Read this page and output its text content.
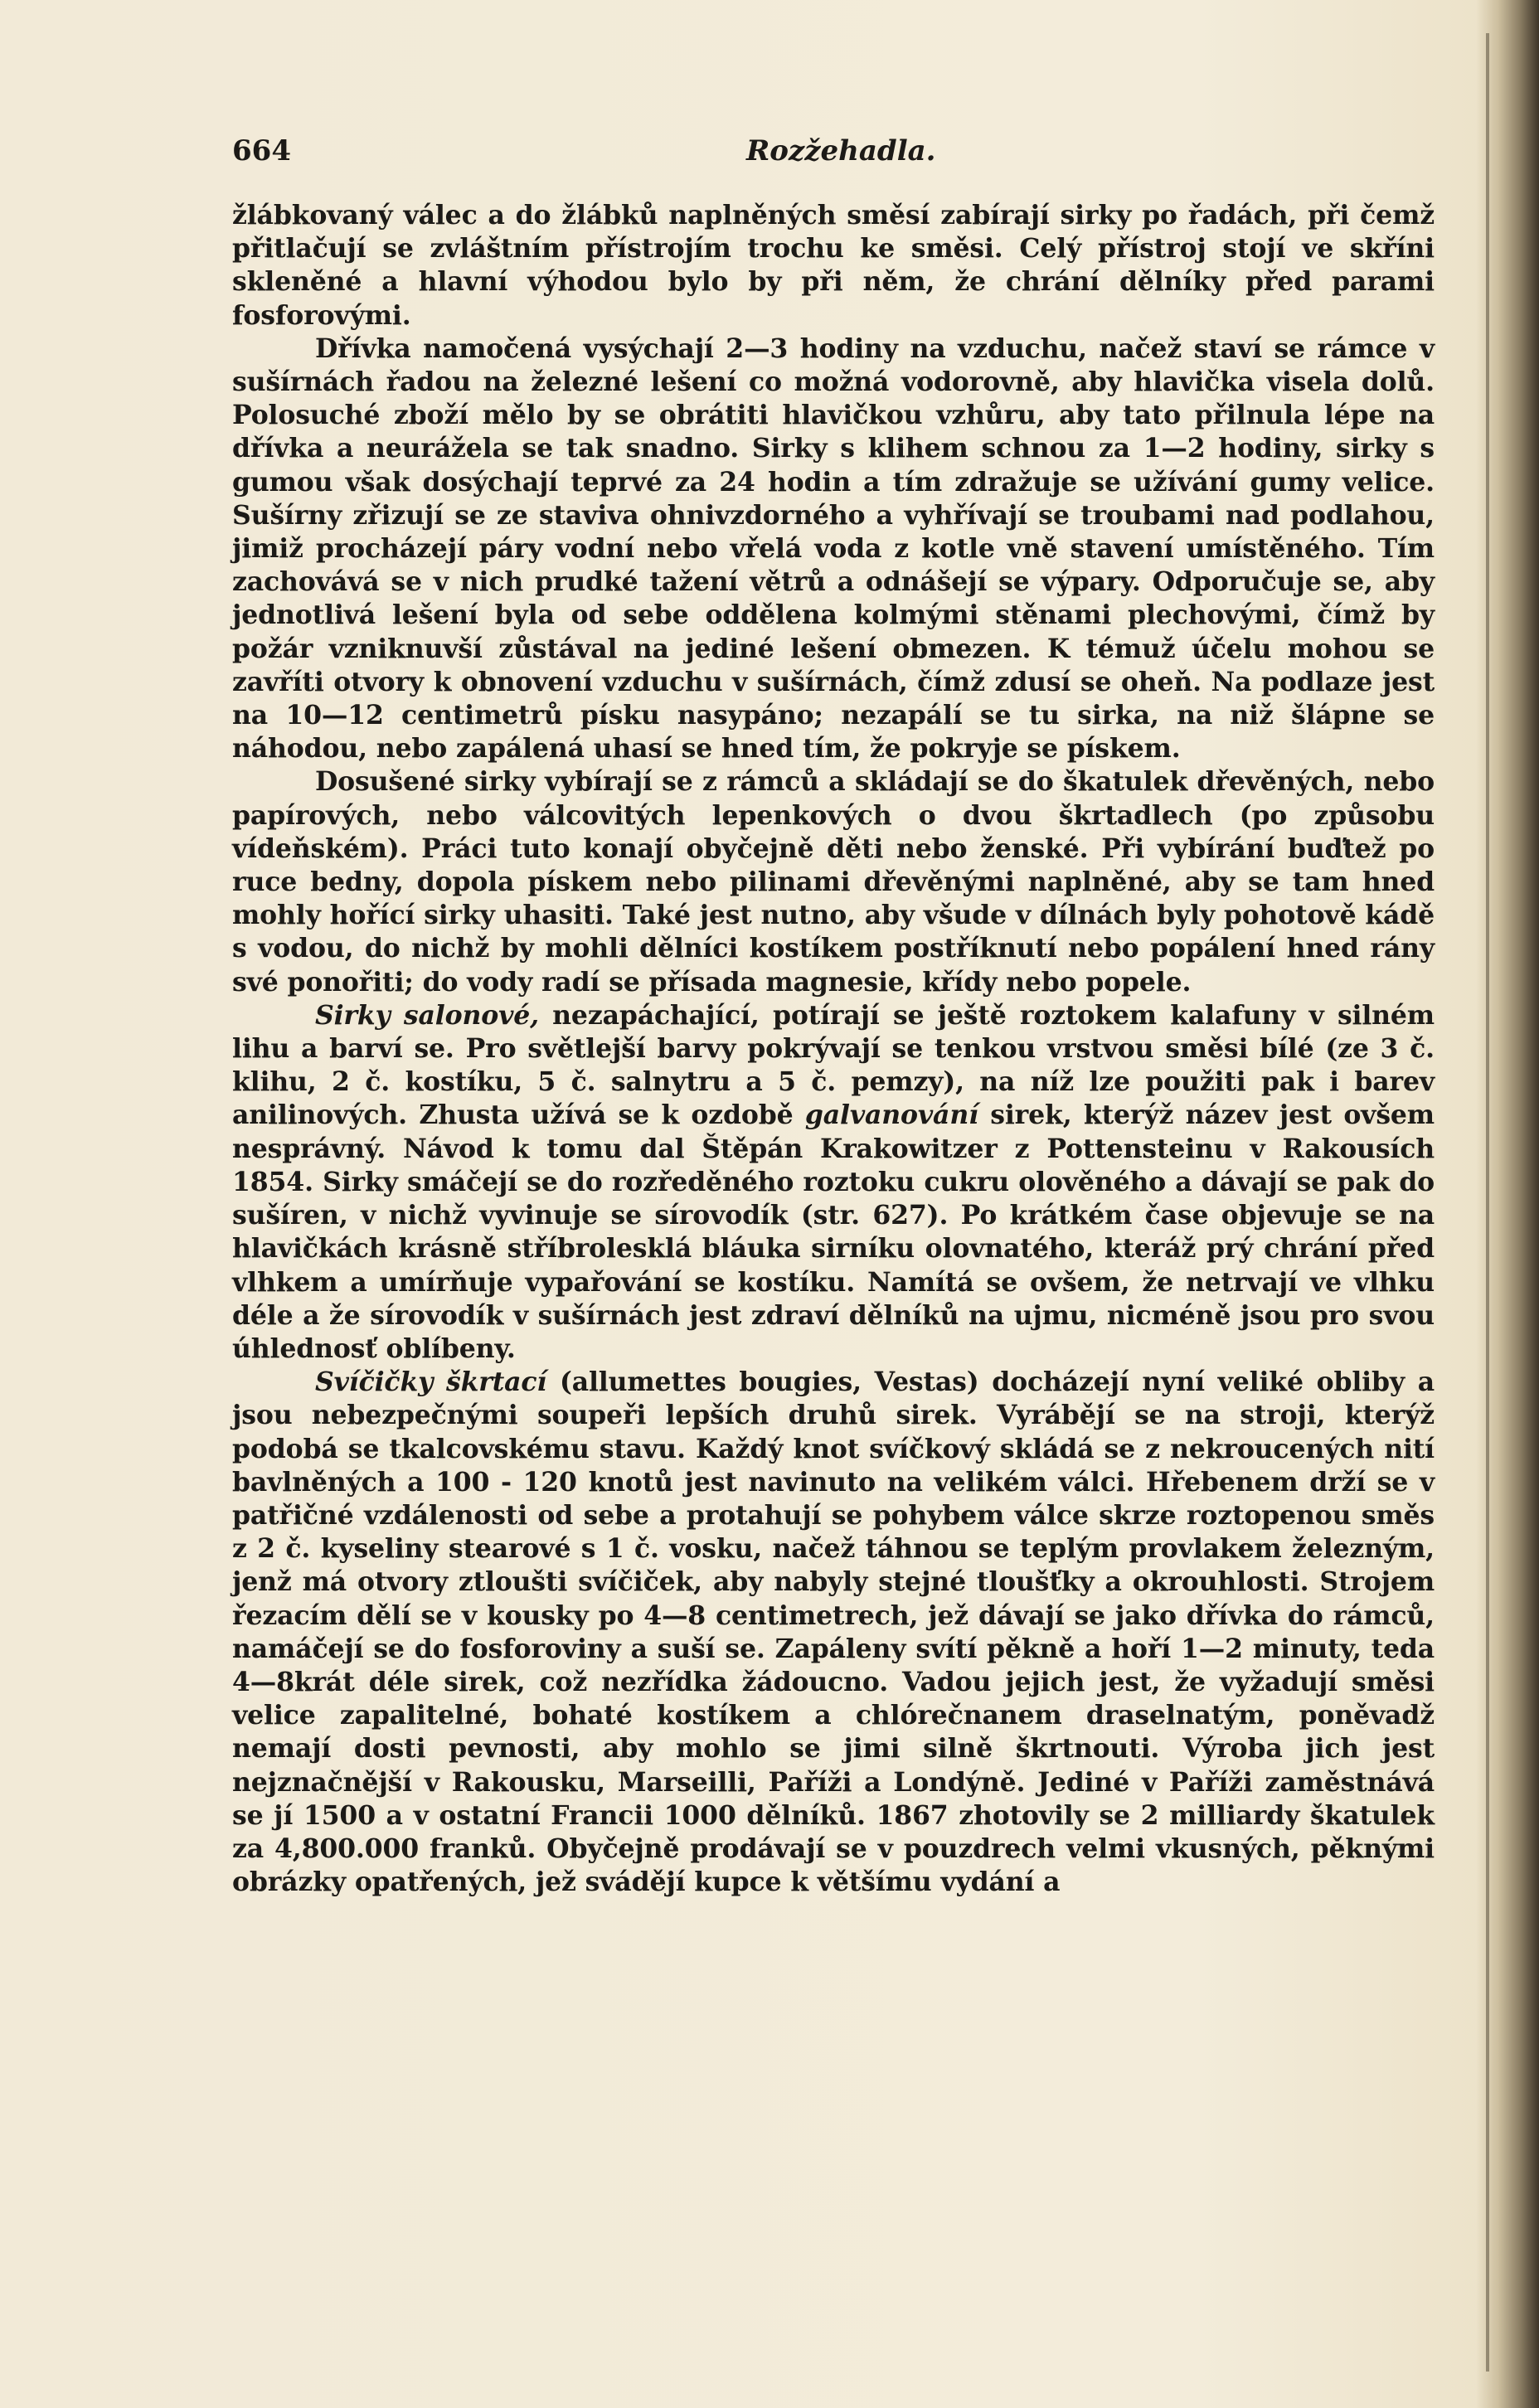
664	Rozžehadla.

žlábkovaný válec a do žlábků naplněných směsí zabírají sirky po řadách, při čemž přitlačují se zvláštním přístrojím trochu ke směsi. Celý přístroj stojí ve skříni skleněné a hlavní výhodou bylo by při něm, že chrání dělníky před parami fosforovými.

Dřívka namočená vysýchají 2—3 hodiny na vzduchu, načež staví se rámce v sušírnách řadou na železné lešení co možná vodorovně, aby hlavička visela dolů. Polosuché zboží mělo by se obrátiti hlavičkou vzhůru, aby tato přilnula lépe na dřívka a neurážela se tak snadno. Sirky s klihem schnou za 1—2 hodiny, sirky s gumou však dosýchají teprvé za 24 hodin a tím zdražuje se užívání gumy velice. Sušírny zřizují se ze staviva ohnivzdorného a vyhřívají se troubami nad podlahou, jimiž procházejí páry vodní nebo vřelá voda z kotle vně stavení umístěného. Tím zachovává se v nich prudké tažení větrů a odnášejí se výpary. Odporučuje se, aby jednotlivá lešení byla od sebe oddělena kolmými stěnami plechovými, čímž by požár vzniknuvší zůstával na jediné lešení obmezen. K témuž účelu mohou se zavříti otvory k obnovení vzduchu v sušírnách, čímž zdusí se oheň. Na podlaze jest na 10—12 centimetrů písku nasypáno; nezapálí se tu sirka, na niž šlápne se náhodou, nebo zapálená uhasí se hned tím, že pokryje se pískem.

Dosušené sirky vybírají se z rámců a skládají se do škatulek dřevěných, nebo papírových, nebo válcovitých lepenkových o dvou škrtadlech (po způsobu vídeňském). Práci tuto konají obyčejně děti nebo ženské. Při vybírání buďtež po ruce bedny, dopola pískem nebo pilinami dřevěnými naplněné, aby se tam hned mohly hořící sirky uhasiti. Také jest nutno, aby všude v dílnách byly pohotově kádě s vodou, do nichž by mohli dělníci kostíkem postříknutí nebo popálení hned rány své ponořiti; do vody radí se přísada magnesie, křídy nebo popele.

Sirky salonové, nezapáchající, potírají se ještě roztokem kalafuny v silném lihu a barví se. Pro světlejší barvy pokrývají se tenkou vrstvou směsi bílé (ze 3 č. klihu, 2 č. kostíku, 5 č. salnytru a 5 č. pemzy), na níž lze použiti pak i barev anilinových. Zhusta užívá se k ozdobě galvanování sirek, kterýž název jest ovšem nesprávný. Návod k tomu dal Štěpán Krakowitzer z Pottensteinu v Rakousích 1854. Sirky smáčejí se do rozředěného roztoku cukru olověného a dávají se pak do sušíren, v nichž vyvinuje se sírovodík (str. 627). Po krátkém čase objevuje se na hlavičkách krásně stříbrolesklá bláuka sirníku olovnatého, kteráž prý chrání před vlhkem a umírňuje vypařování se kostíku. Namítá se ovšem, že netrvají ve vlhku déle a že sírovodík v sušírnách jest zdraví dělníků na ujmu, nicméně jsou pro svou úhlednosť oblíbeny.

Svíčičky škrtací (allumettes bougies, Vestas) docházejí nyní veliké obliby a jsou nebezpečnými soupeři lepších druhů sirek. Vyrábějí se na stroji, kterýž podobá se tkalcovskému stavu. Každý knot svíčkový skládá se z nekroucených nití bavlněných a 100 - 120 knotů jest navinuto na velikém válci. Hřebenem drží se v patřičné vzdálenosti od sebe a protahují se pohybem válce skrze roztopenou směs z 2 č. kyseliny stearové s 1 č. vosku, načež táhnou se teplým provlakem železným, jenž má otvory ztloušti svíčiček, aby nabyly stejné tloušťky a okrouhlosti. Strojem řezacím dělí se v kousky po 4—8 centimetrech, jež dávají se jako dřívka do rámců, namáčejí se do fosforoviny a suší se. Zapáleny svítí pěkně a hoří 1—2 minuty, teda 4—8krát déle sirek, což nezřídka žádoucno. Vadou jejich jest, že vyžadují směsi velice zapalitelné, bohaté kostíkem a chlórečnanem draselnatým, poněvadž nemají dosti pevnosti, aby mohlo se jimi silně škrtnouti. Výroba jich jest nejznačnější v Rakousku, Marseilli, Paříži a Londýně. Jediné v Paříži zaměstnává se jí 1500 a v ostatní Francii 1000 dělníků. 1867 zhotovily se 2 milliardy škatulek za 4,800.000 franků. Obyčejně prodávají se v pouzdrech velmi vkusných, pěknými obrázky opatřených, jež svádějí kupce k většímu vydání a
